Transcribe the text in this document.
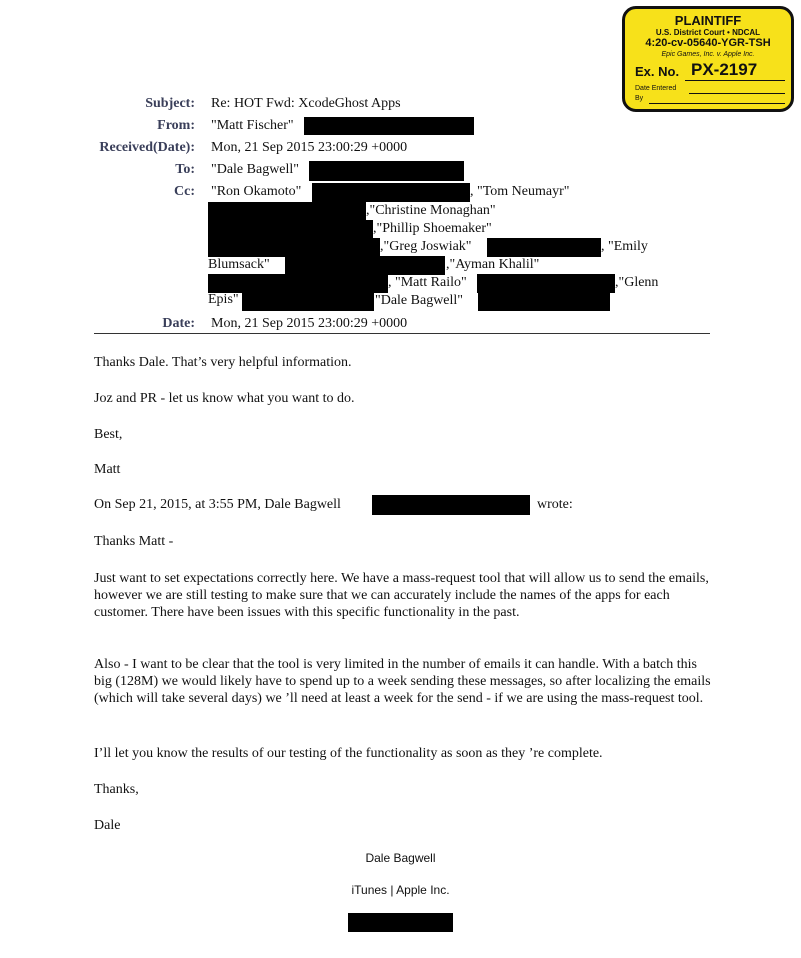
PLAINTIFF
U.S. District Court • NDCAL
4:20-cv-05640-YGR-TSH
Epic Games, Inc. v. Apple Inc.
Ex. No. PX-2197
Date Entered
By
Subject: Re: HOT Fwd: XcodeGhost Apps
From: "Matt Fischer"
Received(Date): Mon, 21 Sep 2015 23:00:29 +0000
To: "Dale Bagwell"
Cc: "Ron Okamoto"	, "Tom Neumayr"
,"Christine Monaghan"
,"Phillip Shoemaker"
,"Greg Joswiak"	, "Emily
Blumsack"	,"Ayman Khalil"
, "Matt Railo"	,"Glenn
Epis"	"Dale Bagwell"
Date: Mon, 21 Sep 2015 23:00:29 +0000
Thanks Dale. That’s very helpful information.
Joz and PR - let us know what you want to do.
Best,
Matt
On Sep 21, 2015, at 3:55 PM, Dale Bagwell	wrote:
Thanks Matt -
Just want to set expectations correctly here. We have a mass-request tool that will allow us to send the emails, however we are still testing to make sure that we can accurately include the names of the apps for each customer. There have been issues with this specific functionality in the past.
Also - I want to be clear that the tool is very limited in the number of emails it can handle. With a batch this big (128M) we would likely have to spend up to a week sending these messages, so after localizing the emails (which will take several days) we ’ll need at least a week for the send - if we are using the mass-request tool.
I’ll let you know the results of our testing of the functionality as soon as they ’re complete.
Thanks,
Dale
Dale Bagwell
iTunes | Apple Inc.
